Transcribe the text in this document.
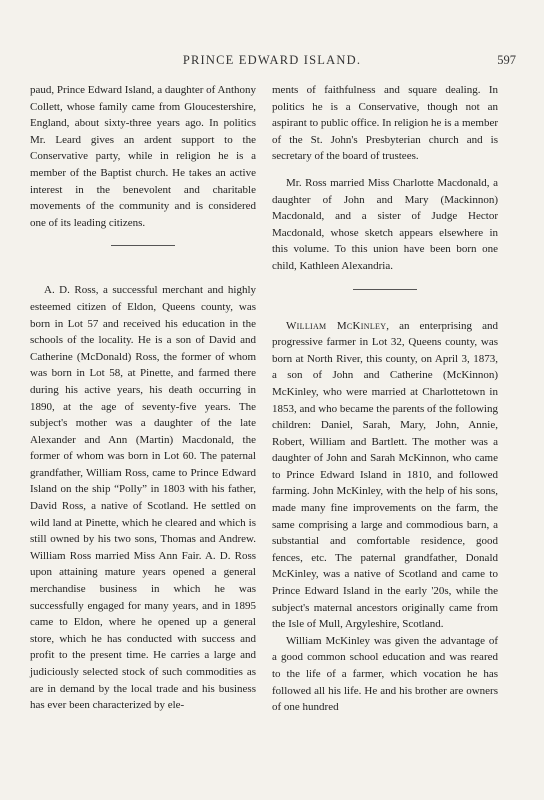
PRINCE EDWARD ISLAND.	597

paud, Prince Edward Island, a daughter of Anthony Collett, whose family came from Gloucestershire, England, about sixty-three years ago. In politics Mr. Leard gives an ardent support to the Conservative party, while in religion he is a member of the Baptist church. He takes an active interest in the benevolent and charitable movements of the community and is considered one of its leading citizens.

A. D. Ross, a successful merchant and highly esteemed citizen of Eldon, Queens county, was born in Lot 57 and received his education in the schools of the locality. He is a son of David and Catherine (McDonald) Ross, the former of whom was born in Lot 58, at Pinette, and farmed there during his active years, his death occurring in 1890, at the age of seventy-five years. The subject's mother was a daughter of the late Alexander and Ann (Martin) Macdonald, the former of whom was born in Lot 60. The paternal grandfather, William Ross, came to Prince Edward Island on the ship “Polly” in 1803 with his father, David Ross, a native of Scotland. He settled on wild land at Pinette, which he cleared and which is still owned by his two sons, Thomas and Andrew. William Ross married Miss Ann Fair. A. D. Ross upon attaining mature years opened a general merchandise business in which he was successfully engaged for many years, and in 1895 came to Eldon, where he opened up a general store, which he has conducted with success and profit to the present time. He carries a large and judiciously selected stock of such commodities as are in demand by the local trade and his business has ever been characterized by ele-

ments of faithfulness and square dealing. In politics he is a Conservative, though not an aspirant to public office. In religion he is a member of the St. John's Presbyterian church and is secretary of the board of trustees.

Mr. Ross married Miss Charlotte Macdonald, a daughter of John and Mary (Mackinnon) Macdonald, and a sister of Judge Hector Macdonald, whose sketch appears elsewhere in this volume. To this union have been born one child, Kathleen Alexandria.

William McKinley, an enterprising and progressive farmer in Lot 32, Queens county, was born at North River, this county, on April 3, 1873, a son of John and Catherine (McKinnon) McKinley, who were married at Charlottetown in 1853, and who became the parents of the following children: Daniel, Sarah, Mary, John, Annie, Robert, William and Bartlett. The mother was a daughter of John and Sarah McKinnon, who came to Prince Edward Island in 1810, and followed farming. John McKinley, with the help of his sons, made many fine improvements on the farm, the same comprising a large and commodious barn, a substantial and comfortable residence, good fences, etc. The paternal grandfather, Donald McKinley, was a native of Scotland and came to Prince Edward Island in the early '20s, while the subject's maternal ancestors originally came from the Isle of Mull, Argyleshire, Scotland.

William McKinley was given the advantage of a good common school education and was reared to the life of a farmer, which vocation he has followed all his life. He and his brother are owners of one hundred
